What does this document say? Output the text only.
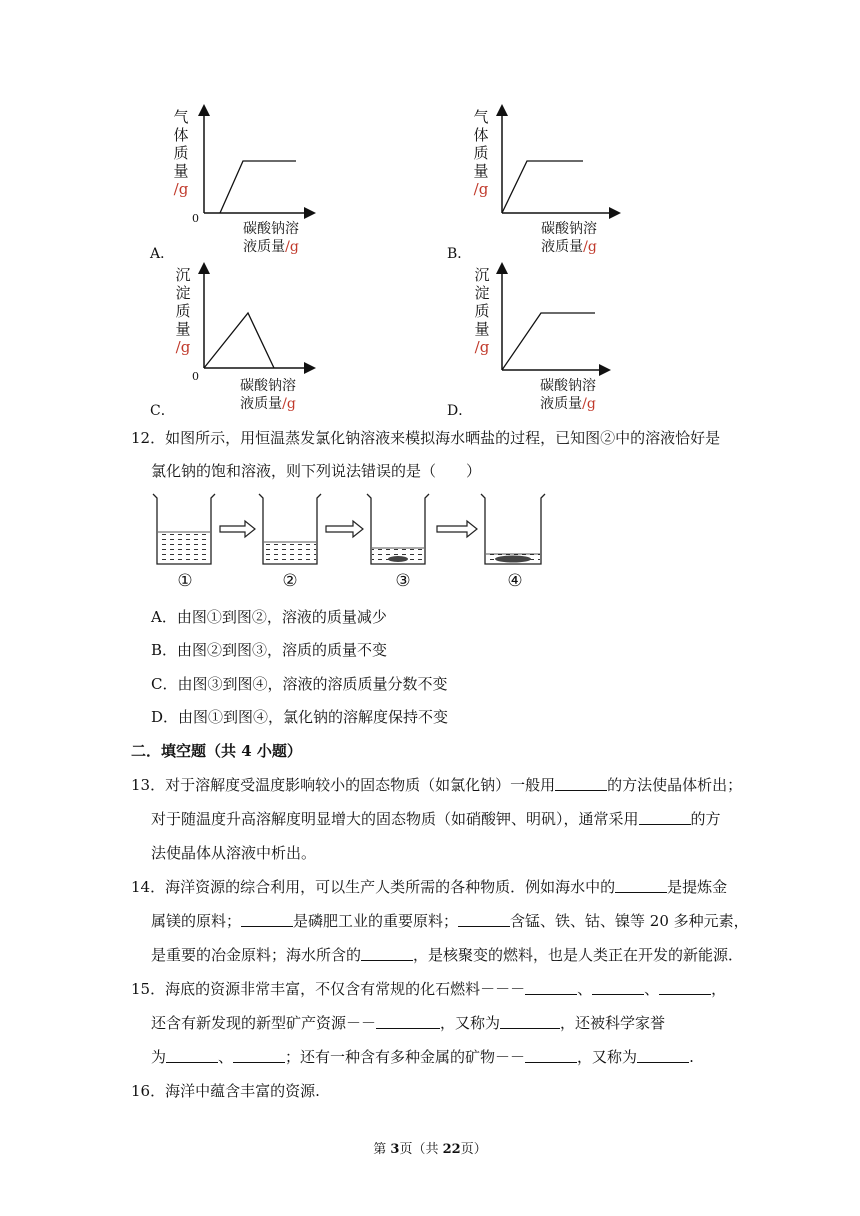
气
体
质
量
/g
0
碳酸钠溶
液质量/g
A．
气
体
质
量
/g
碳酸钠溶
液质量/g
B．
沉
淀
质
量
/g
0
碳酸钠溶
液质量/g
C．
沉
淀
质
量
/g
碳酸钠溶
液质量/g
D．
12．如图所示，用恒温蒸发氯化钠溶液来模拟海水晒盐的过程，已知图②中的溶液恰好是
氯化钠的饱和溶液，则下列说法错误的是（　　）
①	②	③	④
A．由图①到图②，溶液的质量减少
B．由图②到图③，溶质的质量不变
C．由图③到图④，溶液的溶质质量分数不变
D．由图①到图④，氯化钠的溶解度保持不变
二．填空题（共 4 小题）
13．对于溶解度受温度影响较小的固态物质（如氯化钠）一般用	的方法使晶体析出；
对于随温度升高溶解度明显增大的固态物质（如硝酸钾、明矾），通常采用	的方
法使晶体从溶液中析出。
14．海洋资源的综合利用，可以生产人类所需的各种物质．例如海水中的	是提炼金
属镁的原料；	是磷肥工业的重要原料；	含锰、铁、钴、镍等 20 多种元素，
是重要的冶金原料；海水所含的	，是核聚变的燃料，也是人类正在开发的新能源．
15．海底的资源非常丰富，不仅含有常规的化石燃料－－－	、	、	，
还含有新发现的新型矿产资源－－	，又称为	，还被科学家誉
为	、	；还有一种含有多种金属的矿物－－	，又称为	.
16．海洋中蕴含丰富的资源.
第 3页（共 22页）
